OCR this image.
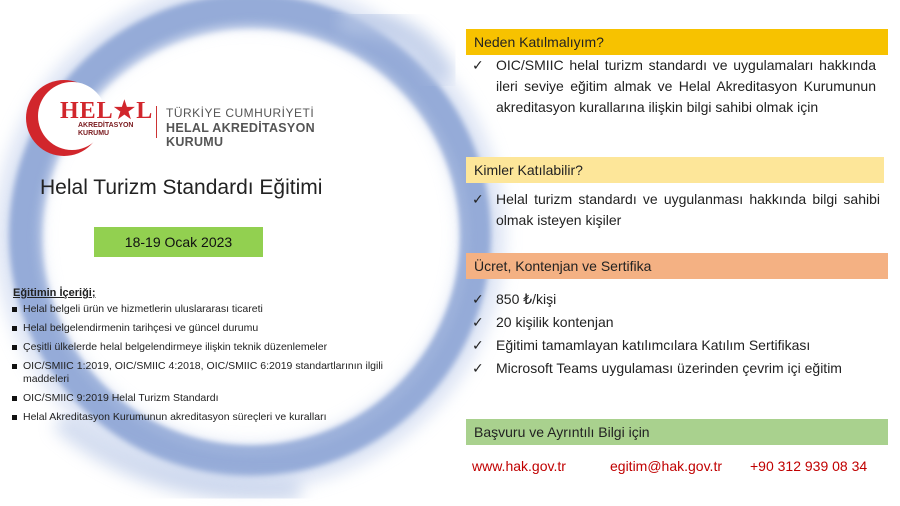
HEL★L
AKREDİTASYON KURUMU
TÜRKİYE CUMHURİYETİ
HELAL AKREDİTASYON KURUMU
Helal Turizm Standardı Eğitimi
18-19 Ocak 2023
Eğitimin İçeriği;
Helal belgeli ürün ve hizmetlerin uluslararası ticareti
Helal belgelendirmenin tarihçesi ve güncel durumu
Çeşitli ülkelerde helal belgelendirmeye ilişkin teknik düzenlemeler
OIC/SMIIC 1:2019, OIC/SMIIC 4:2018, OIC/SMIIC 6:2019 standartlarının ilgili maddeleri
OIC/SMIIC 9:2019 Helal Turizm Standardı
Helal Akreditasyon Kurumunun akreditasyon süreçleri ve kuralları
Neden Katılmalıyım?
✓ OIC/SMIIC helal turizm standardı ve uygulamaları hakkında ileri seviye eğitim almak ve Helal Akreditasyon Kurumunun akreditasyon kurallarına ilişkin bilgi sahibi olmak için
Kimler Katılabilir?
✓ Helal turizm standardı ve uygulanması hakkında bilgi sahibi olmak isteyen kişiler
Ücret, Kontenjan ve Sertifika
✓ 850 ₺/kişi
✓ 20 kişilik kontenjan
✓ Eğitimi tamamlayan katılımcılara Katılım Sertifikası
✓ Microsoft Teams uygulaması üzerinden çevrim içi eğitim
Başvuru ve Ayrıntılı Bilgi için
www.hak.gov.tr	egitim@hak.gov.tr +90 312 939 08 34
